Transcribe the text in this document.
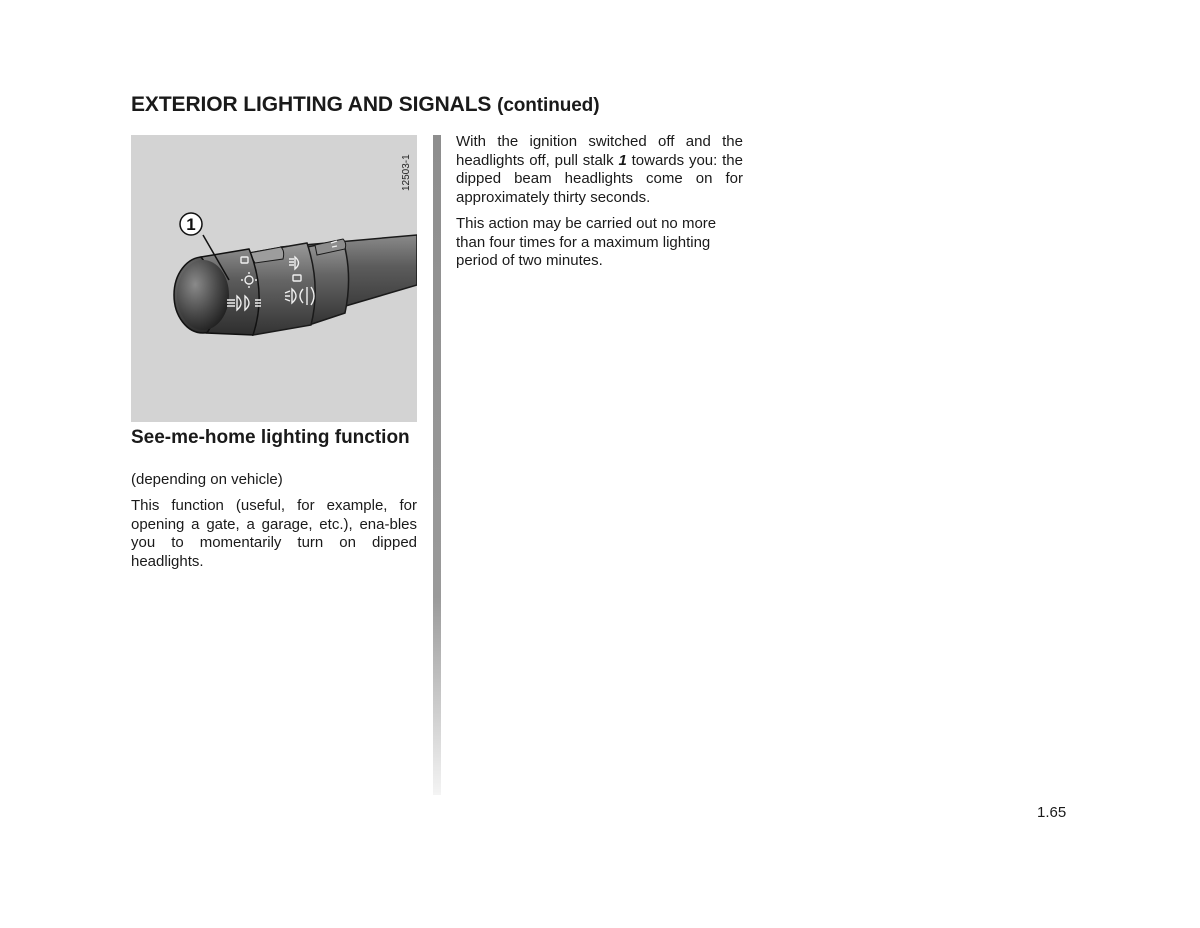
EXTERIOR LIGHTING AND SIGNALS (continued)
1
12503-1
See-me-home lighting function

(depending on vehicle)

This function (useful, for example, for opening a gate, a garage, etc.), ena-bles you to momentarily turn on dipped headlights.

With the ignition switched off and the headlights off, pull stalk 1 towards you: the dipped beam headlights come on for approximately thirty seconds.

This action may be carried out no more than four times for a maximum lighting period of two minutes.

1.65
